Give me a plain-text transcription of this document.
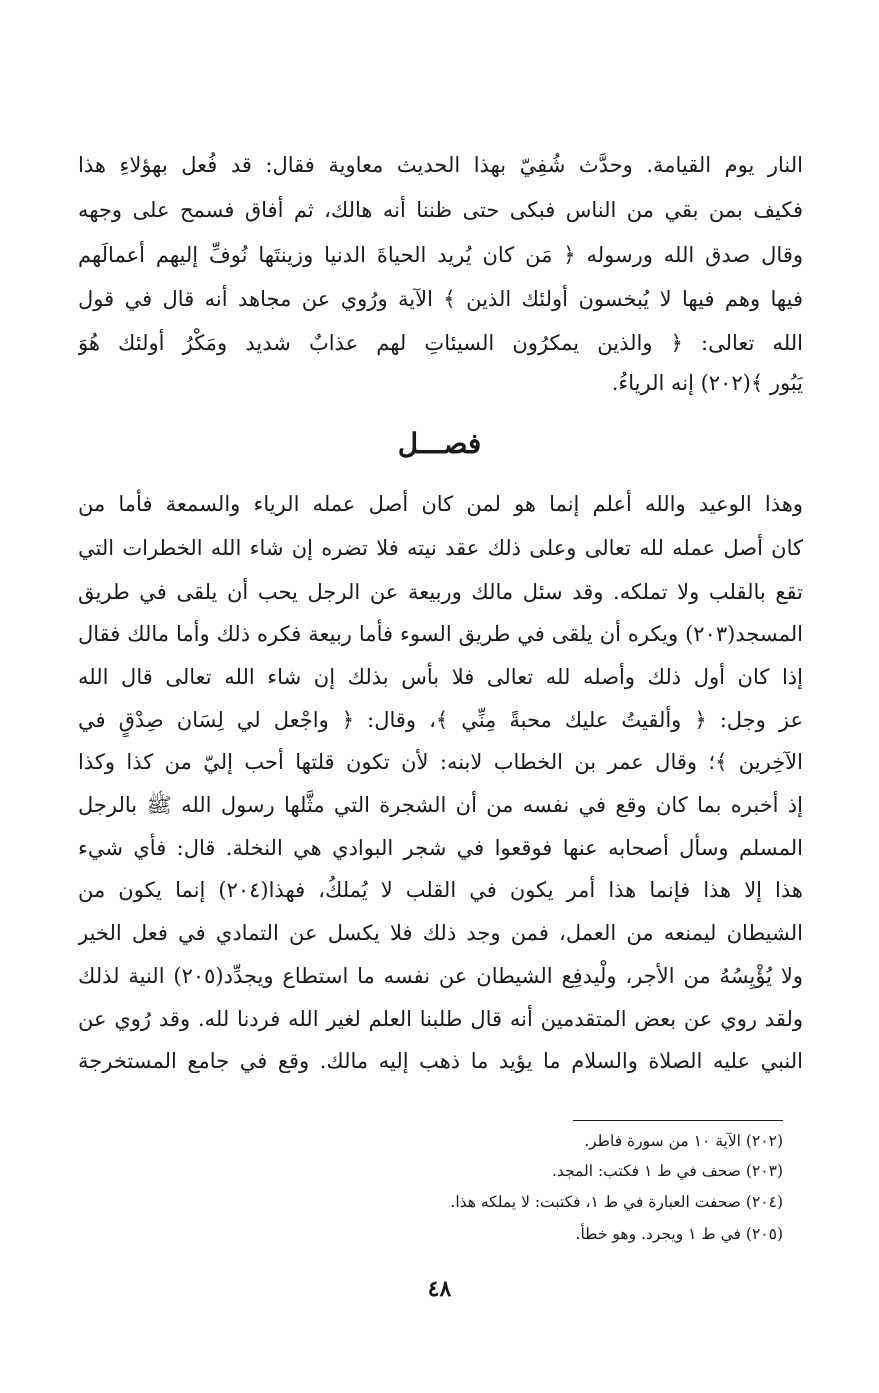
النار يوم القيامة. وحدَّث شُفِيّ بهذا الحديث معاوية فقال: قد فُعل بهؤلاءِ هذا
فكيف بمن بقي من الناس فبكى حتى ظننا أنه هالك، ثم أفاق فسمح على وجهه
وقال صدق الله ورسوله ﴿ مَن كان يُريد الحياةَ الدنيا وزينتَها نُوفِّ إليهم أعمالَهم
فيها وهم فيها لا يُبخسون أولئك الذين ﴾ الآية ورُوي عن مجاهد أنه قال في قول
الله تعالى: ﴿ والذين يمكرُون السيئاتِ لهم عذابٌ شديد ومَكْرُ أولئك هُوَ
يَبُور ﴾(٢٠٢) إنه الرياءُ.
فصـــل
وهذا الوعيد والله أعلم إنما هو لمن كان أصل عمله الرياء والسمعة فأما من
كان أصل عمله لله تعالى وعلى ذلك عقد نيته فلا تضره إن شاء الله الخطرات التي
تقع بالقلب ولا تملكه. وقد سئل مالك وربيعة عن الرجل يحب أن يلقى في طريق
المسجد(٢٠٣) ويكره أن يلقى في طريق السوء فأما ربيعة فكره ذلك وأما مالك فقال
إذا كان أول ذلك وأصله لله تعالى فلا بأس بذلك إن شاء الله تعالى قال الله
عز وجل: ﴿ وألقيتُ عليك محبةً مِنِّي ﴾، وقال: ﴿ واجْعل لي لِسَان صِدْقٍ في
الآخِرين ﴾؛ وقال عمر بن الخطاب لابنه: لأن تكون قلتها أحب إليّ من كذا وكذا
إذ أخبره بما كان وقع في نفسه من أن الشجرة التي مثَّلها رسول الله ﷺ بالرجل
المسلم وسأل أصحابه عنها فوقعوا في شجر البوادي هي النخلة. قال: فأي شيء
هذا إلا هذا فإنما هذا أمر يكون في القلب لا يُملكُ، فهذا(٢٠٤) إنما يكون من
الشيطان ليمنعه من العمل، فمن وجد ذلك فلا يكسل عن التمادي في فعل الخير
ولا يُؤْيِسُهُ من الأجر، ولْيدفِع الشيطان عن نفسه ما استطاع ويجدِّد(٢٠٥) النية لذلك
ولقد روي عن بعض المتقدمين أنه قال طلبنا العلم لغير الله فردنا لله. وقد رُوي عن
النبي عليه الصلاة والسلام ما يؤيد ما ذهب إليه مالك. وقع في جامع المستخرجة
(٢٠٢) الآية ١٠ من سورة فاطر.
(٢٠٣) صحف في ط ١ فكتب: المجد.
(٢٠٤) صحفت العبارة في ط ١، فكتبت: لا يملكه هذا.
(٢٠٥) في ط ١ ويجرد. وهو خطأ.
٤٨
